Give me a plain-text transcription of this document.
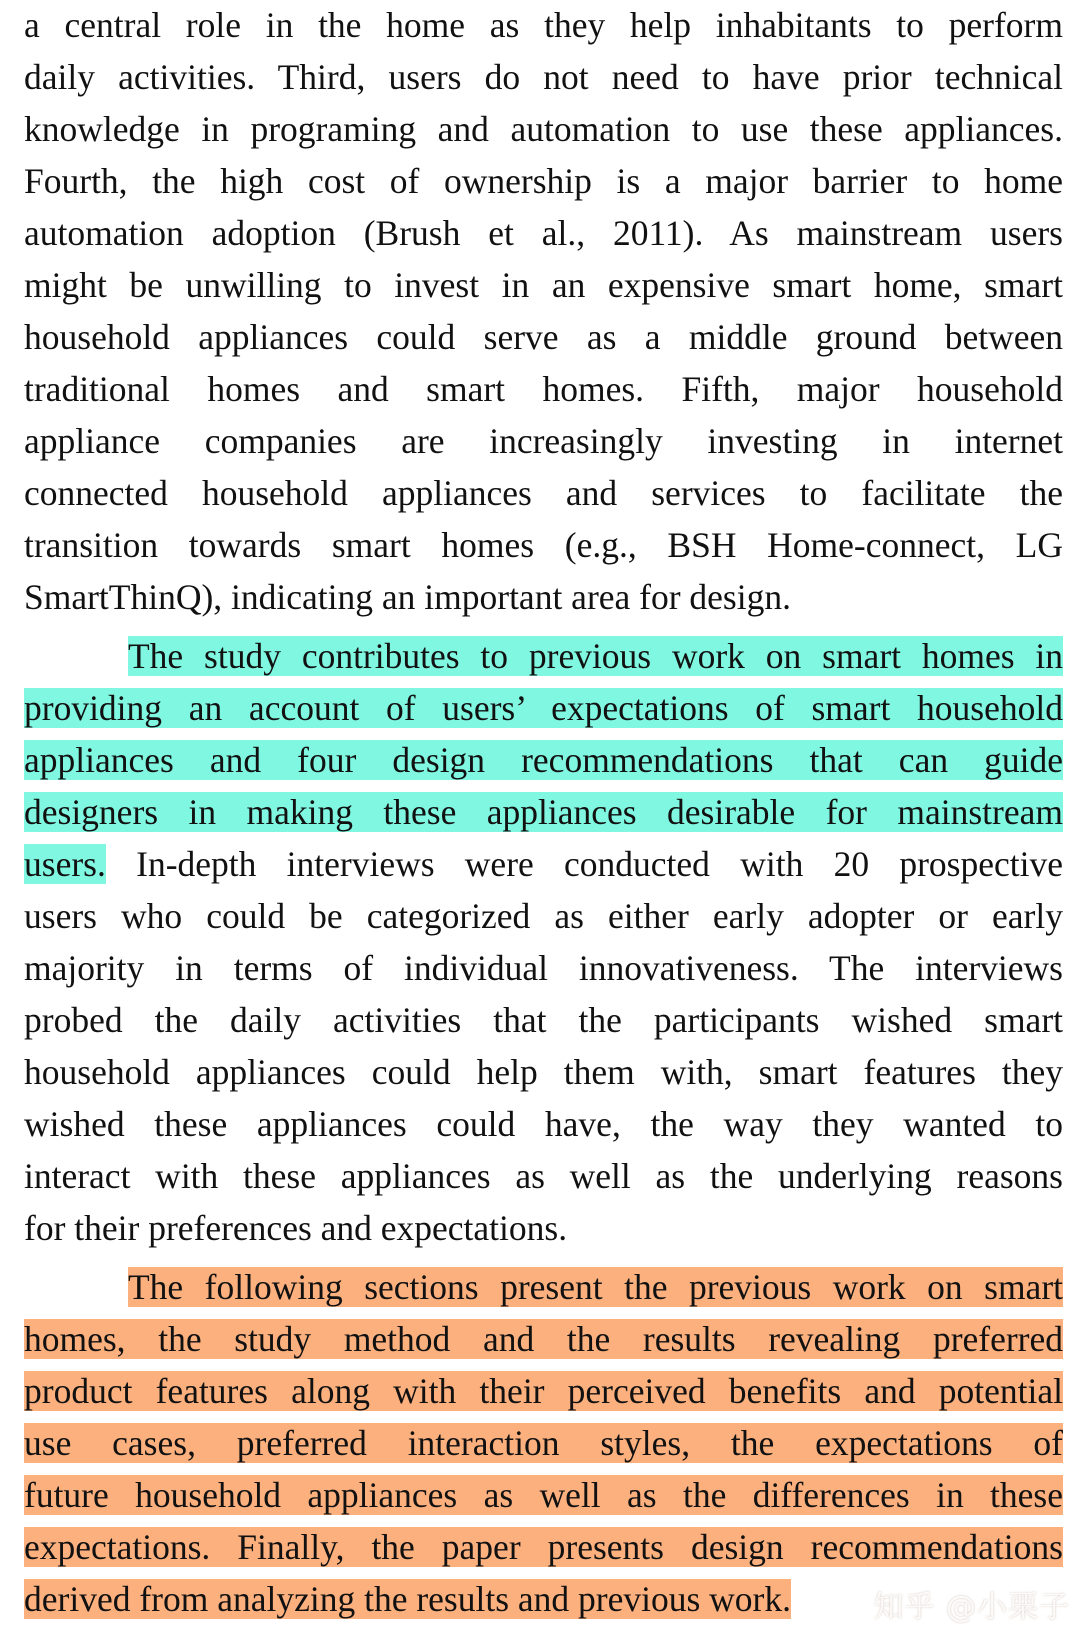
a central role in the home as they help inhabitants to perform
daily activities. Third, users do not need to have prior technical
knowledge in programing and automation to use these appliances.
Fourth, the high cost of ownership is a major barrier to home
automation adoption (Brush et al., 2011). As mainstream users
might be unwilling to invest in an expensive smart home, smart
household appliances could serve as a middle ground between
traditional homes and smart homes. Fifth, major household
appliance companies are increasingly investing in internet
connected household appliances and services to facilitate the
transition towards smart homes (e.g., BSH Home-connect, LG
SmartThinQ), indicating an important area for design.
The study contributes to previous work on smart homes in
providing an account of users’ expectations of smart household
appliances and four design recommendations that can guide
designers in making these appliances desirable for mainstream
users. In-depth interviews were conducted with 20 prospective
users who could be categorized as either early adopter or early
majority in terms of individual innovativeness. The interviews
probed the daily activities that the participants wished smart
household appliances could help them with, smart features they
wished these appliances could have, the way they wanted to
interact with these appliances as well as the underlying reasons
for their preferences and expectations.
The following sections present the previous work on smart
homes, the study method and the results revealing preferred
product features along with their perceived benefits and potential
use cases, preferred interaction styles, the expectations of
future household appliances as well as the differences in these
expectations. Finally, the paper presents design recommendations
derived from analyzing the results and previous work.	知乎 @小栗子
